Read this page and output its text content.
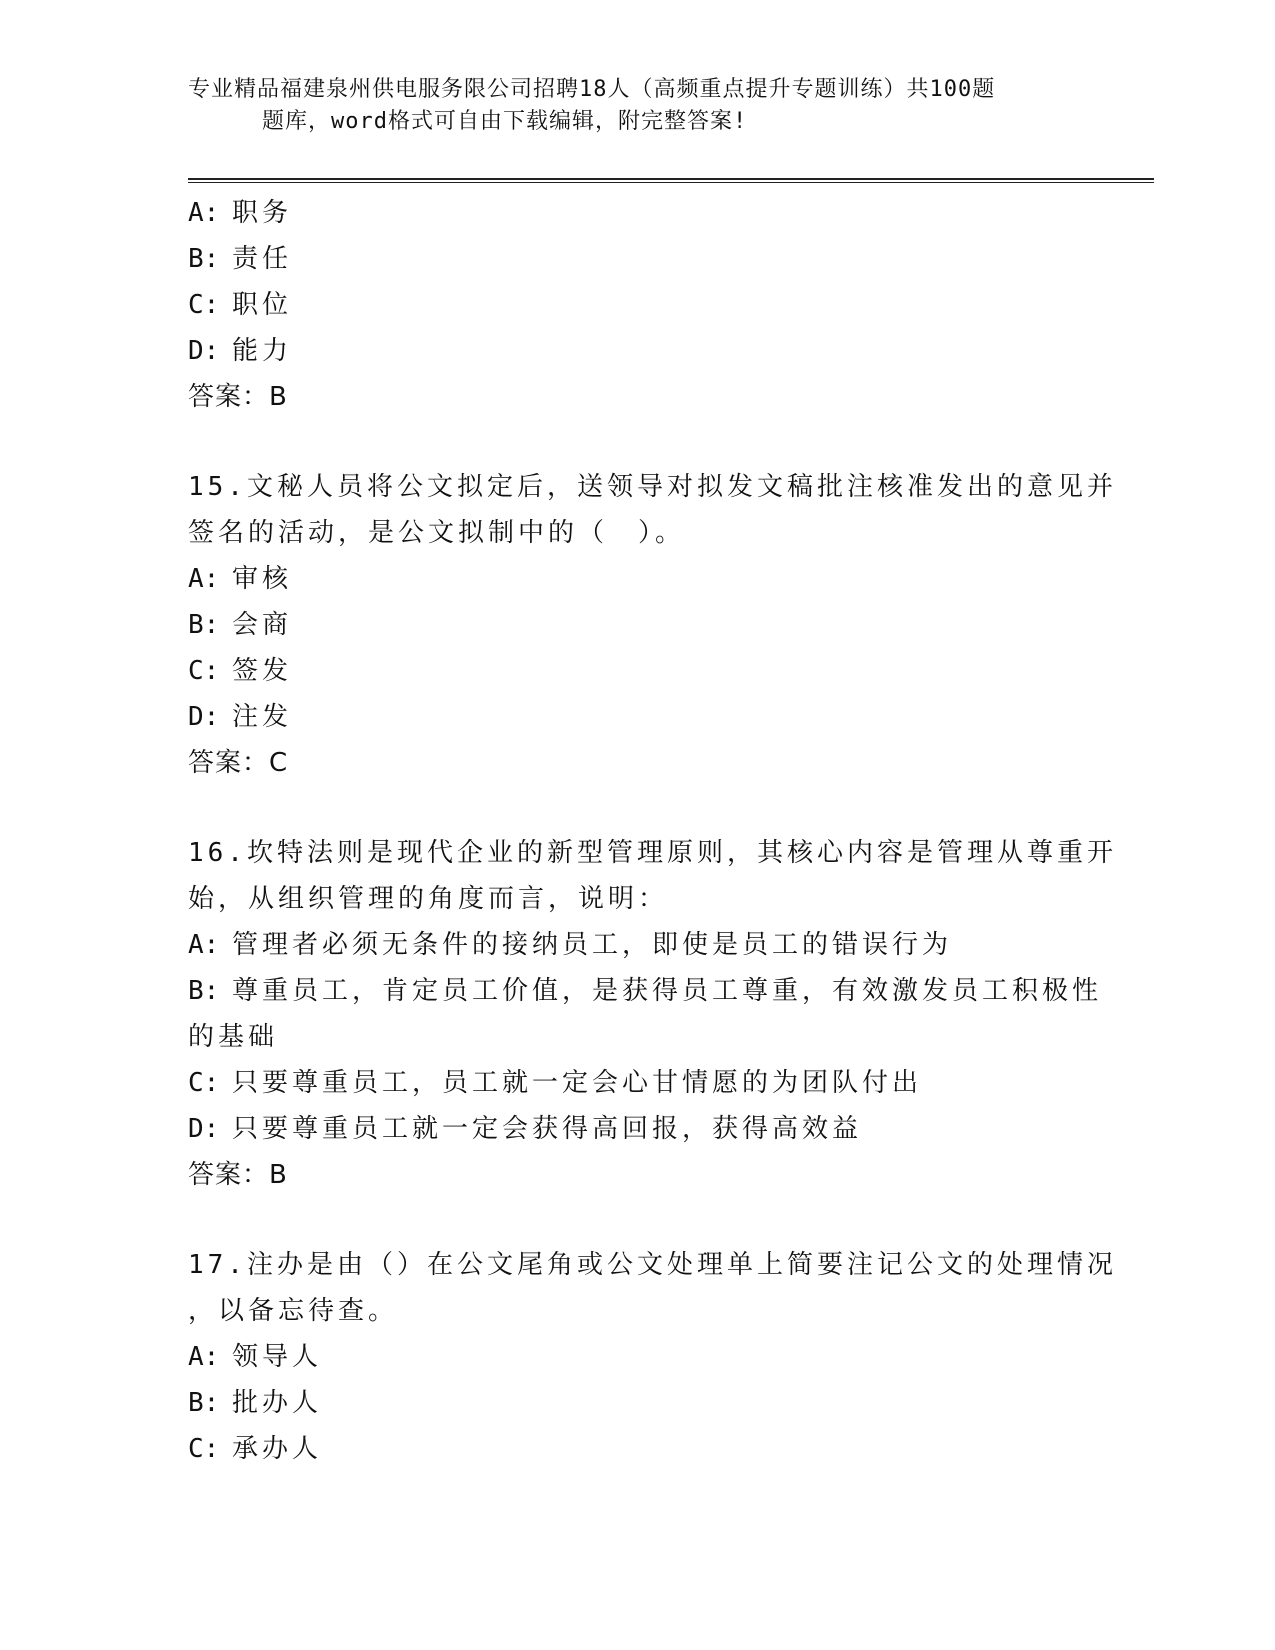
专业精品福建泉州供电服务限公司招聘18人（高频重点提升专题训练）共100题
题库，word格式可自由下载编辑，附完整答案!
A: 职务
B: 责任
C: 职位
D: 能力
答案：B
15.文秘人员将公文拟定后，送领导对拟发文稿批注核准发出的意见并
签名的活动，是公文拟制中的（　）。
A: 审核
B: 会商
C: 签发
D: 注发
答案：C
16.坎特法则是现代企业的新型管理原则，其核心内容是管理从尊重开
始，从组织管理的角度而言，说明：
A: 管理者必须无条件的接纳员工，即使是员工的错误行为
B: 尊重员工，肯定员工价值，是获得员工尊重，有效激发员工积极性
的基础
C: 只要尊重员工，员工就一定会心甘情愿的为团队付出
D: 只要尊重员工就一定会获得高回报，获得高效益
答案：B
17.注办是由（）在公文尾角或公文处理单上简要注记公文的处理情况
，以备忘待查。
A: 领导人
B: 批办人
C: 承办人
